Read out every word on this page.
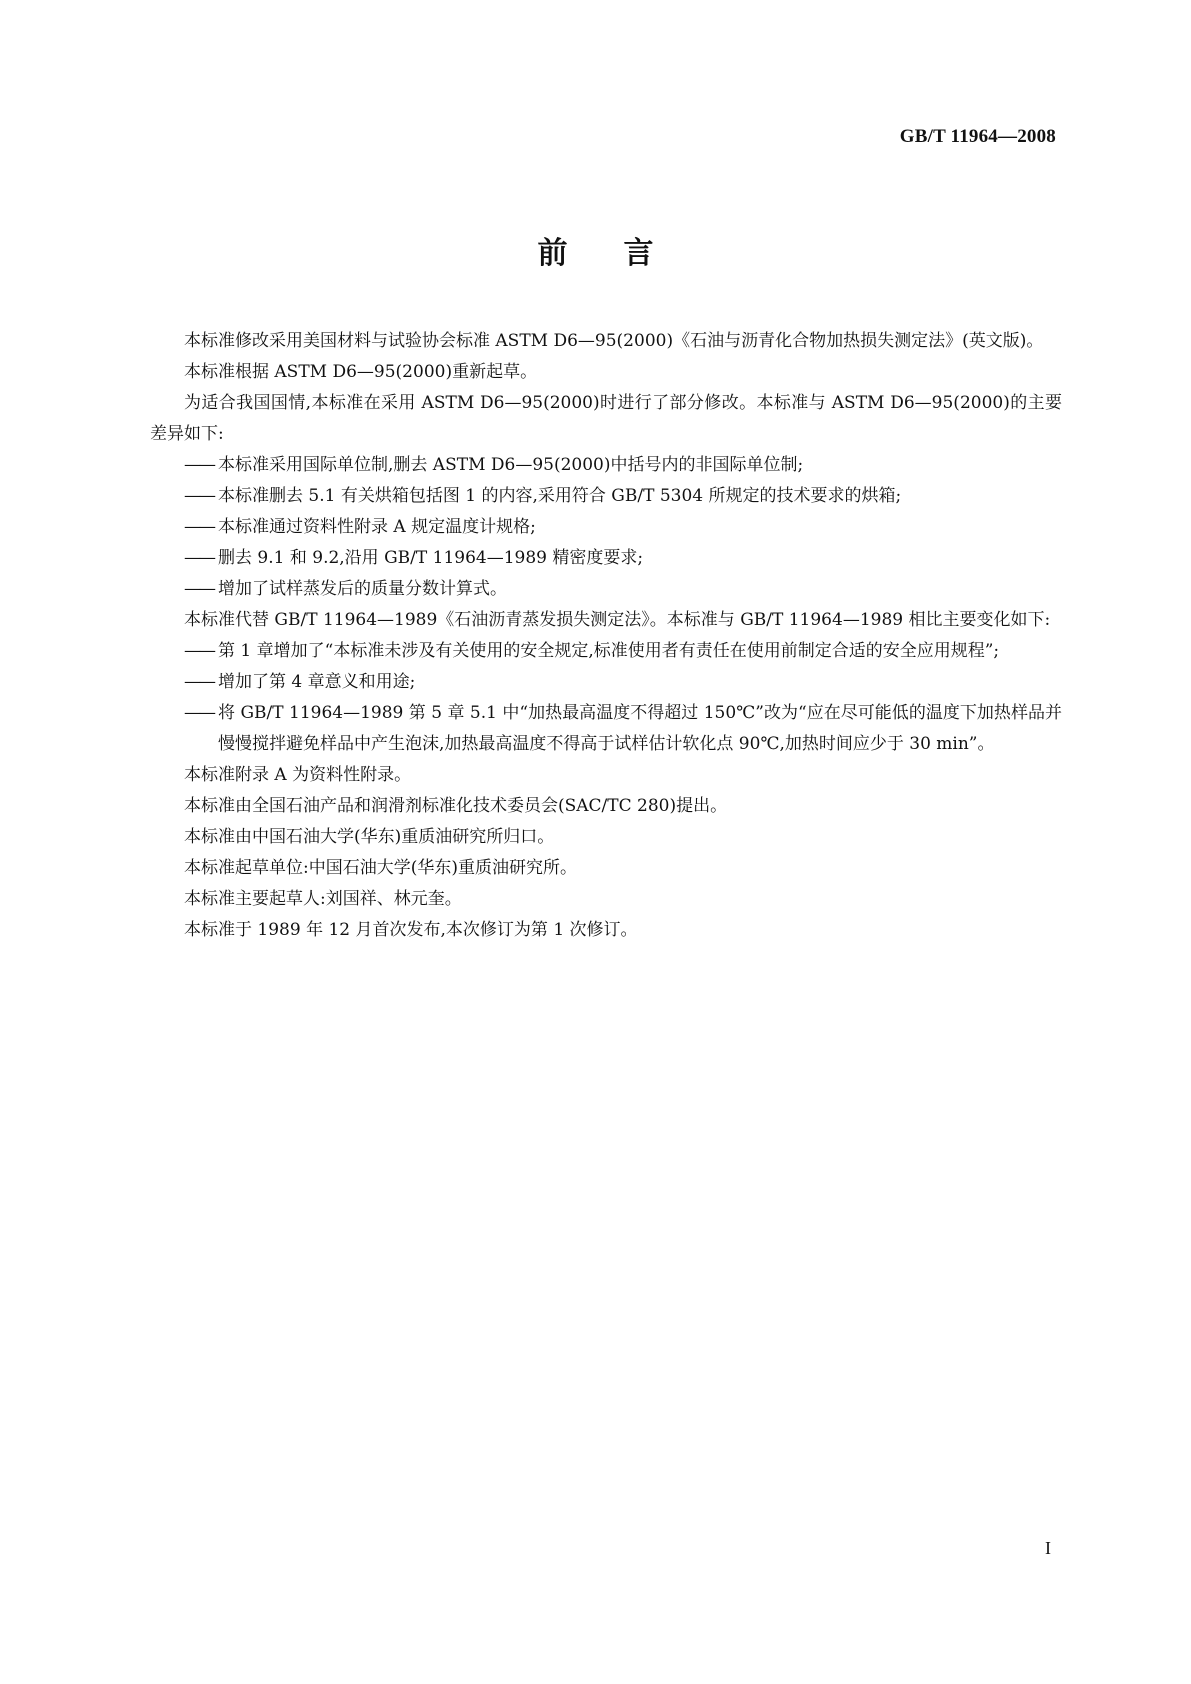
GB/T 11964—2008
前言

本标准修改采用美国材料与试验协会标准 ASTM D6—95(2000)《石油与沥青化合物加热损失测定法》(英文版)。

本标准根据 ASTM D6—95(2000)重新起草。

为适合我国国情,本标准在采用 ASTM D6—95(2000)时进行了部分修改。本标准与 ASTM D6—95(2000)的主要差异如下:

—— 本标准采用国际单位制,删去 ASTM D6—95(2000)中括号内的非国际单位制;

—— 本标准删去 5.1 有关烘箱包括图 1 的内容,采用符合 GB/T 5304 所规定的技术要求的烘箱;

—— 本标准通过资料性附录 A 规定温度计规格;

—— 删去 9.1 和 9.2,沿用 GB/T 11964—1989 精密度要求;

—— 增加了试样蒸发后的质量分数计算式。

本标准代替 GB/T 11964—1989《石油沥青蒸发损失测定法》。本标准与 GB/T 11964—1989 相比主要变化如下:

—— 第 1 章增加了“本标准未涉及有关使用的安全规定,标准使用者有责任在使用前制定合适的安全应用规程”;

—— 增加了第 4 章意义和用途;

—— 将 GB/T 11964—1989 第 5 章 5.1 中“加热最高温度不得超过 150℃”改为“应在尽可能低的温度下加热样品并慢慢搅拌避免样品中产生泡沫,加热最高温度不得高于试样估计软化点 90℃,加热时间应少于 30 min”。

本标准附录 A 为资料性附录。

本标准由全国石油产品和润滑剂标准化技术委员会(SAC/TC 280)提出。

本标准由中国石油大学(华东)重质油研究所归口。

本标准起草单位:中国石油大学(华东)重质油研究所。

本标准主要起草人:刘国祥、林元奎。

本标准于 1989 年 12 月首次发布,本次修订为第 1 次修订。

I
